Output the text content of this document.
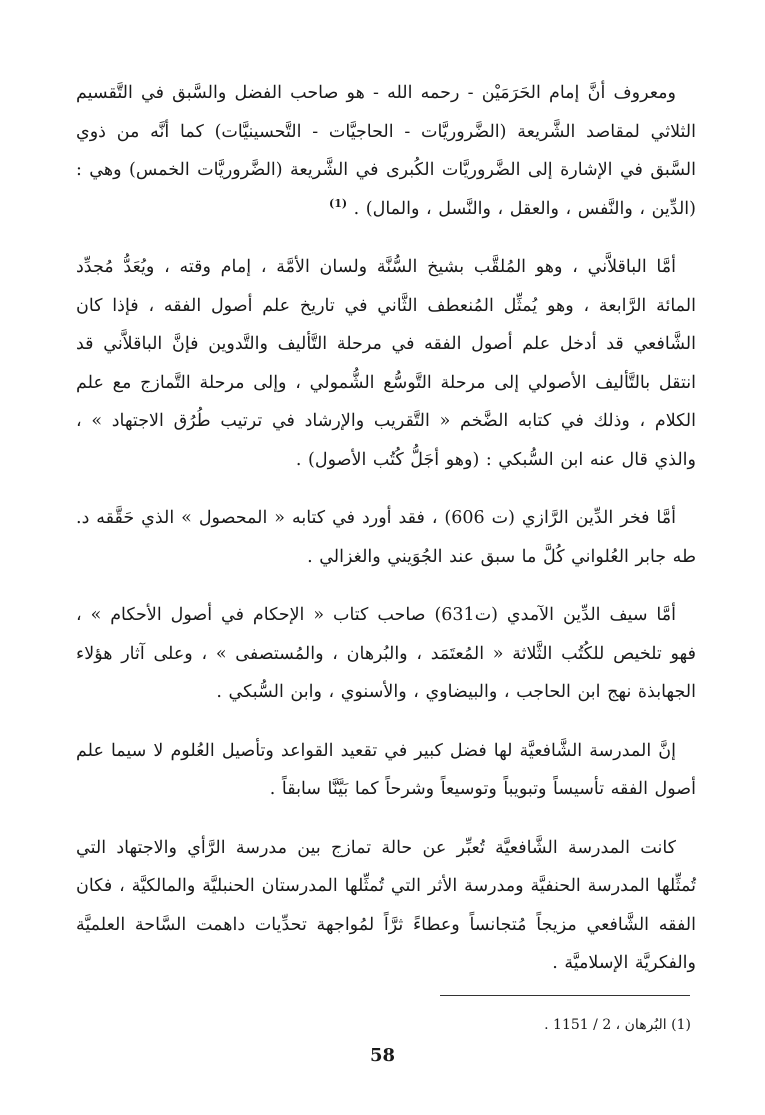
ومعروف أنَّ إمام الحَرَمَيْن - رحمه الله - هو صاحب الفضل والسَّبق في التَّقسيم الثلاثي لمقاصد الشَّريعة (الضَّروريَّات - الحاجيَّات - التَّحسينيَّات) كما أنَّه من ذوي السَّبق في الإشارة إلى الضَّروريَّات الكُبرى في الشَّريعة (الضَّروريَّات الخمس) وهي : (الدِّين ، والنَّفس ، والعقل ، والنَّسل ، والمال) . $^{(1)}$

أمَّا الباقلاَّني ، وهو المُلقَّب بشيخ السُّنَّة ولسان الأمَّة ، إمام وقته ، ويُعَدُّ مُجدِّد المائة الرَّابعة ، وهو يُمثِّل المُنعطف الثَّاني في تاريخ علم أصول الفقه ، فإذا كان الشَّافعي قد أدخل علم أصول الفقه في مرحلة التَّأليف والتَّدوين فإنَّ الباقلاَّني قد انتقل بالتَّأليف الأصولي إلى مرحلة التَّوسُّع الشُّمولي ، وإلى مرحلة التَّمازج مع علم الكلام ، وذلك في كتابه الضَّخم « التَّقريب والإرشاد في ترتيب طُرُق الاجتهاد » ، والذي قال عنه ابن السُّبكي : (وهو أجَلُّ كُتُب الأصول) .

أمَّا فخر الدِّين الرَّازي (ت 606) ، فقد أورد في كتابه « المحصول » الذي حَقَّقه د. طه جابر العُلواني كُلَّ ما سبق عند الجُوَيني والغزالي .

أمَّا سيف الدِّين الآمدي (ت631) صاحب كتاب « الإحكام في أصول الأحكام » ، فهو تلخيص للكُتُب الثَّلاثة « المُعتَمَد ، والبُرهان ، والمُستصفى » ، وعلى آثار هؤلاء الجهابذة نهج ابن الحاجب ، والبيضاوي ، والأسنوي ، وابن السُّبكي .

إنَّ المدرسة الشَّافعيَّة لها فضل كبير في تقعيد القواعد وتأصيل العُلوم لا سيما علم أصول الفقه تأسيساً وتبويباً وتوسيعاً وشرحاً كما بَيَّنَّا سابقاً .

كانت المدرسة الشَّافعيَّة تُعبِّر عن حالة تمازج بين مدرسة الرَّأي والاجتهاد التي تُمثِّلها المدرسة الحنفيَّة ومدرسة الأثر التي تُمثِّلها المدرستان الحنبليَّة والمالكيَّة ، فكان الفقه الشَّافعي مزيجاً مُتجانساً وعطاءً ثرَّاً لمُواجهة تحدِّيات داهمت السَّاحة العلميَّة والفكريَّة الإسلاميَّة .

(1) البُرهان ، 2 / 1151 .
58
